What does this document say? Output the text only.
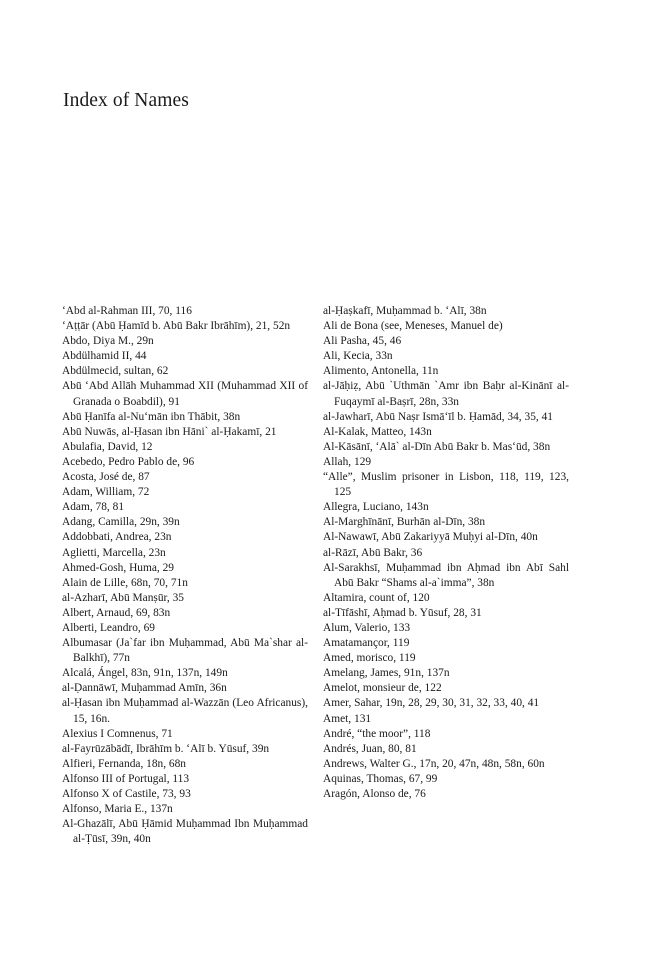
Index of Names
‘Abd al-Rahman III, 70, 116
‘Aṭṭār (Abū Ḥamīd b. Abū Bakr Ibrāhīm), 21, 52n
Abdo, Diya M., 29n
Abdülhamid II, 44
Abdülmecid, sultan, 62
Abū ‘Abd Allāh Muhammad XII (Muhammad XII of Granada o Boabdil), 91
Abū Ḥanīfa al-Nu‘mān ibn Thābit, 38n
Abū Nuwās, al-Ḥasan ibn Hāni` al-Ḥakamī, 21
Abulafia, David, 12
Acebedo, Pedro Pablo de, 96
Acosta, José de, 87
Adam, William, 72
Adam, 78, 81
Adang, Camilla, 29n, 39n
Addobbati, Andrea, 23n
Aglietti, Marcella, 23n
Ahmed-Gosh, Huma, 29
Alain de Lille, 68n, 70, 71n
al-Azharī, Abū Manṣūr, 35
Albert, Arnaud, 69, 83n
Alberti, Leandro, 69
Albumasar (Ja`far ibn Muḥammad, Abū Ma`shar al-Balkhī), 77n
Alcalá, Ángel, 83n, 91n, 137n, 149n
al-Ḍannāwī, Muḥammad Amīn, 36n
al-Ḥasan ibn Muḥammad al-Wazzān (Leo Africanus), 15, 16n.
Alexius I Comnenus, 71
al-Fayrūzābādī, Ibrāhīm b. ‘Alī b. Yūsuf, 39n
Alfieri, Fernanda, 18n, 68n
Alfonso III of Portugal, 113
Alfonso X of Castile, 73, 93
Alfonso, Maria E., 137n
Al-Ghazālī, Abū Ḥāmid Muḥammad Ibn Muḥammad al-Ṭūsī, 39n, 40n
al-Ḥaṣkafī, Muḥammad b. ‘Alī, 38n
Ali de Bona (see, Meneses, Manuel de)
Ali Pasha, 45, 46
Ali, Kecia, 33n
Alimento, Antonella, 11n
al-Jāḥiẓ, Abū `Uthmān `Amr ibn Baḥr al-Kinānī al-Fuqaymī al-Baṣrī, 28n, 33n
al-Jawharī, Abū Naṣr Ismā‘īl b. Ḥamād, 34, 35, 41
Al-Kalak, Matteo, 143n
Al-Kāsānī, ‘Alā` al-Dīn Abū Bakr b. Mas‘ūd, 38n
Allah, 129
“Alle”, Muslim prisoner in Lisbon, 118, 119, 123, 125
Allegra, Luciano, 143n
Al-Marghīnānī, Burhān al-Dīn, 38n
Al-Nawawī, Abū Zakariyyā Muḥyi al-Dīn, 40n
al-Rāzī, Abū Bakr, 36
Al-Sarakhsī, Muḥammad ibn Aḥmad ibn Abī Sahl Abū Bakr “Shams al-a`imma”, 38n
Altamira, count of, 120
al-Tīfāshī, Aḥmad b. Yūsuf, 28, 31
Alum, Valerio, 133
Amatamançor, 119
Amed, morisco, 119
Amelang, James, 91n, 137n
Amelot, monsieur de, 122
Amer, Sahar, 19n, 28, 29, 30, 31, 32, 33, 40, 41
Amet, 131
André, “the moor”, 118
Andrés, Juan, 80, 81
Andrews, Walter G., 17n, 20, 47n, 48n, 58n, 60n
Aquinas, Thomas, 67, 99
Aragón, Alonso de, 76
